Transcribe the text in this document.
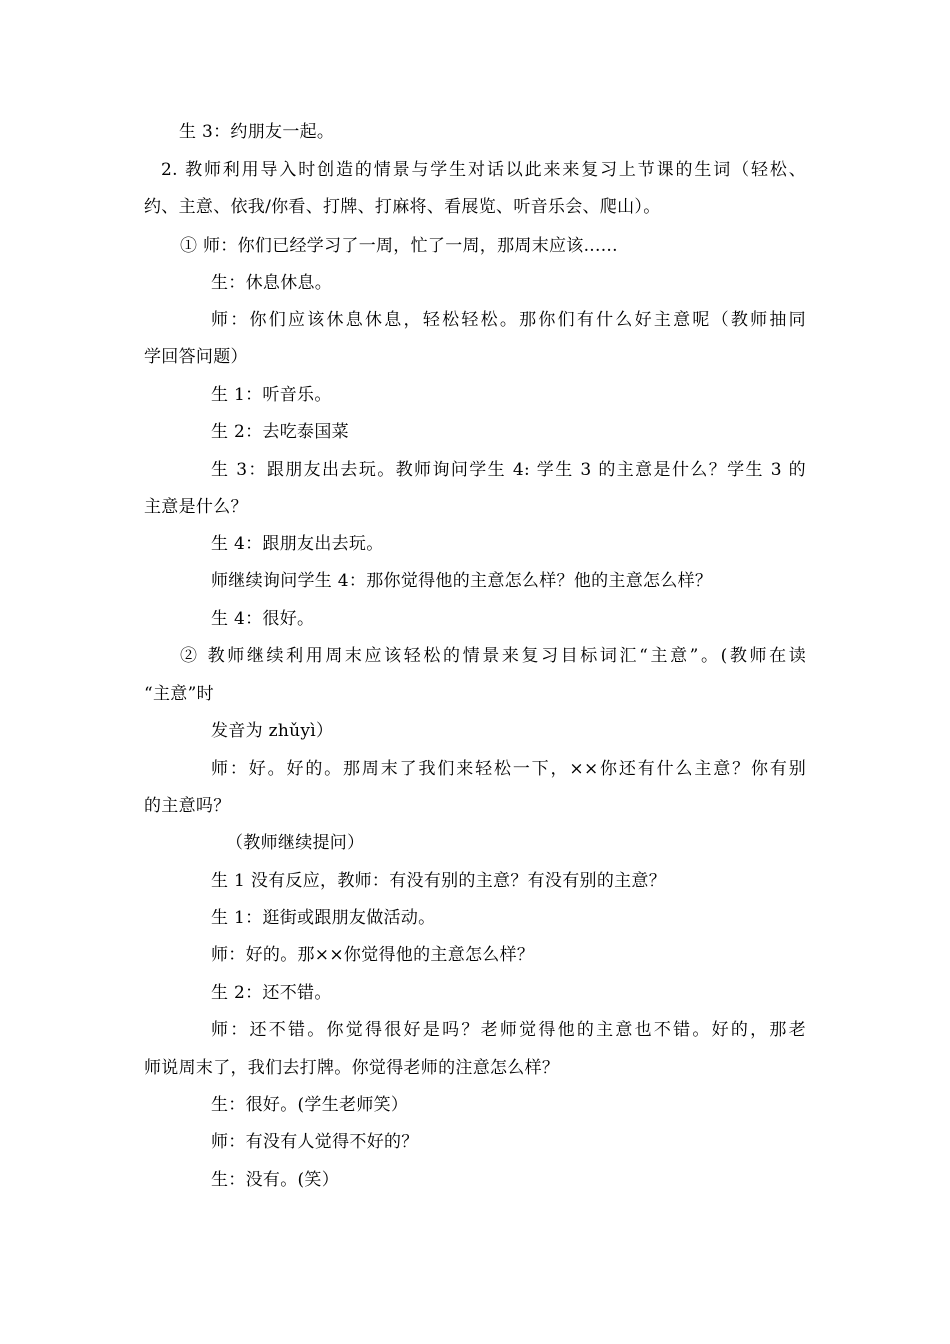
生 3：约朋友一起。
2. 教师利用导入时创造的情景与学生对话以此来来复习上节课的生词（轻松、
约、主意、依我/你看、打牌、打麻将、看展览、听音乐会、爬山）。
① 师：你们已经学习了一周，忙了一周，那周末应该......
生：休息休息。
师：你们应该休息休息，轻松轻松。那你们有什么好主意呢（教师抽同
学回答问题）
生 1：听音乐。
生 2：去吃泰国菜
生 3：跟朋友出去玩。教师询问学生 4: 学生 3 的主意是什么？学生 3 的
主意是什么？
生 4：跟朋友出去玩。
师继续询问学生 4：那你觉得他的主意怎么样？他的主意怎么样？
生 4：很好。
② 教师继续利用周末应该轻松的情景来复习目标词汇“主意”。(教师在读
“主意”时
发音为 zhǔyì）
师：好。好的。那周末了我们来轻松一下，××你还有什么主意？你有别
的主意吗？
（教师继续提问）
生 1 没有反应，教师：有没有别的主意？有没有别的主意？
生 1：逛街或跟朋友做活动。
师：好的。那××你觉得他的主意怎么样？
生 2：还不错。
师：还不错。你觉得很好是吗？老师觉得他的主意也不错。好的，那老
师说周末了，我们去打牌。你觉得老师的注意怎么样？
生：很好。(学生老师笑）
师：有没有人觉得不好的？
生：没有。(笑）
